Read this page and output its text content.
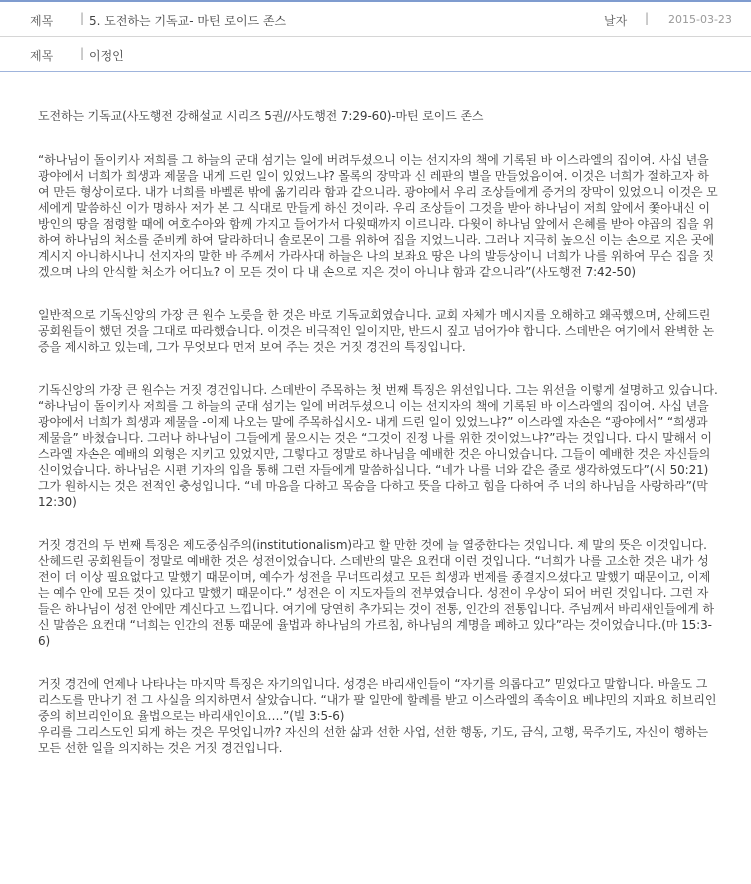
제목 | 5. 도전하는 기독교- 마틴 로이드 존스	날자 | 2015-03-23
제목 | 이정인

도전하는 기독교(사도행전 강해설교 시리즈 5권//사도행전 7:29-60)-마틴 로이드 존스

“하나님이 돌이키사 저희를 그 하늘의 군대 섬기는 일에 버려두셨으니 이는 선지자의 책에 기록된 바 이스라엘의 집이여. 사십 년을 광야에서 너희가 희생과 제물을 내게 드린 일이 있었느냐? 몰록의 장막과 신 레판의 별을 만들었음이여. 이것은 너희가 절하고자 하여 만든 형상이로다. 내가 너희를 바벨론 밖에 옮기리라 함과 같으니라. 광야에서 우리 조상들에게 증거의 장막이 있었으니 이것은 모세에게 말씀하신 이가 명하사 저가 본 그 식대로 만들게 하신 것이라. 우리 조상들이 그것을 받아 하나님이 저희 앞에서 쫓아내신 이방인의 땅을 점령할 때에 여호수아와 함께 가지고 들어가서 다윗때까지 이르니라. 다윗이 하나님 앞에서 은혜를 받아 야곱의 집을 위하여 하나님의 처소를 준비케 하여 달라하더니 솔로몬이 그를 위하여 집을 지었느니라. 그러나 지극히 높으신 이는 손으로 지은 곳에 계시지 아니하시나니 선지자의 말한 바 주께서 가라사대 하늘은 나의 보좌요 땅은 나의 발등상이니 너희가 나를 위하여 무슨 집을 짓겠으며 나의 안식할 처소가 어디뇨? 이 모든 것이 다 내 손으로 지은 것이 아니냐 함과 같으니라”(사도행전 7:42-50)

일반적으로 기독신앙의 가장 큰 원수 노릇을 한 것은 바로 기독교회였습니다. 교회 자체가 메시지를 오해하고 왜곡했으며, 산헤드린 공회원들이 했던 것을 그대로 따라했습니다. 이것은 비극적인 일이지만, 반드시 짚고 넘어가야 합니다. 스데반은 여기에서 완벽한 논증을 제시하고 있는데, 그가 무엇보다 먼저 보여 주는 것은 거짓 경건의 특징입니다.

기독신앙의 가장 큰 원수는 거짓 경건입니다. 스데반이 주목하는 첫 번째 특징은 위선입니다. 그는 위선을 이렇게 설명하고 있습니다. “하나님이 돌이키사 저희를 그 하늘의 군대 섬기는 일에 버려두셨으니 이는 선지자의 책에 기록된 바 이스라엘의 집이여. 사십 년을 광야에서 너희가 희생과 제물을 -이제 나오는 말에 주목하십시오- 내게 드린 일이 있었느냐?” 이스라엘 자손은 “광야에서” “희생과 제물을” 바쳤습니다. 그러나 하나님이 그들에게 물으시는 것은 “그것이 진정 나를 위한 것이었느냐?”라는 것입니다. 다시 말해서 이스라엘 자손은 예배의 외형은 지키고 있었지만, 그렇다고 정말로 하나님을 예배한 것은 아니었습니다. 그들이 예배한 것은 자신들의 신이었습니다. 하나님은 시편 기자의 입을 통해 그런 자들에게 말씀하십니다. “네가 나를 너와 같은 줄로 생각하였도다”(시 50:21) 그가 원하시는 것은 전적인 충성입니다. “네 마음을 다하고 목숨을 다하고 뜻을 다하고 힘을 다하여 주 너의 하나님을 사랑하라”(막 12:30)

거짓 경건의 두 번째 특징은 제도중심주의(institutionalism)라고 할 만한 것에 늘 열중한다는 것입니다. 제 말의 뜻은 이것입니다. 산헤드린 공회원들이 정말로 예배한 것은 성전이었습니다. 스데반의 말은 요컨대 이런 것입니다. “너희가 나를 고소한 것은 내가 성전이 더 이상 필요없다고 말했기 때문이며, 예수가 성전을 무너뜨리셨고 모든 희생과 번제를 종결지으셨다고 말했기 때문이고, 이제는 예수 안에 모든 것이 있다고 말했기 때문이다.” 성전은 이 지도자들의 전부였습니다. 성전이 우상이 되어 버린 것입니다. 그런 자들은 하나님이 성전 안에만 계신다고 느낍니다. 여기에 당연히 추가되는 것이 전통, 인간의 전통입니다. 주님께서 바리새인들에게 하신 말씀은 요컨대 “너희는 인간의 전통 때문에 율법과 하나님의 가르침, 하나님의 계명을 폐하고 있다”라는 것이었습니다.(마 15:3-6)

거짓 경건에 언제나 나타나는 마지막 특징은 자기의입니다. 성경은 바리새인들이 “자기를 의롭다고” 믿었다고 말합니다. 바울도 그리스도를 만나기 전 그 사실을 의지하면서 살았습니다. “내가 팔 일만에 할례를 받고 이스라엘의 족속이요 베냐민의 지파요 히브리인 중의 히브리인이요 율법으로는 바리새인이요….”(빌 3:5-6)
우리를 그리스도인 되게 하는 것은 무엇입니까? 자신의 선한 삶과 선한 사업, 선한 행동, 기도, 금식, 고행, 묵주기도, 자신이 행하는 모든 선한 일을 의지하는 것은 거짓 경건입니다.
